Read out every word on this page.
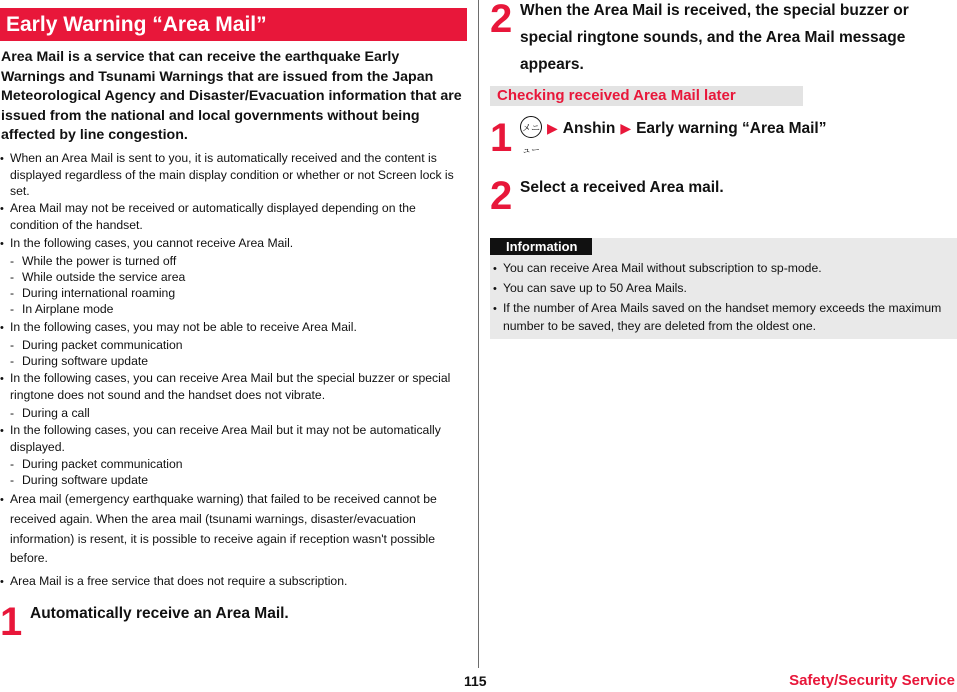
Early Warning “Area Mail”
Area Mail is a service that can receive the earthquake Early Warnings and Tsunami Warnings that are issued from the Japan Meteorological Agency and Disaster/Evacuation information that are issued from the national and local governments without being affected by line congestion.
• When an Area Mail is sent to you, it is automatically received and the content is displayed regardless of the main display condition or whether or not Screen lock is set.
• Area Mail may not be received or automatically displayed depending on the condition of the handset.
• In the following cases, you cannot receive Area Mail.
- While the power is turned off
- While outside the service area
- During international roaming
- In Airplane mode
• In the following cases, you may not be able to receive Area Mail.
- During packet communication
- During software update
• In the following cases, you can receive Area Mail but the special buzzer or special ringtone does not sound and the handset does not vibrate.
- During a call
• In the following cases, you can receive Area Mail but it may not be automatically displayed.
- During packet communication
- During software update
• Area mail (emergency earthquake warning) that failed to be received cannot be received again. When the area mail (tsunami warnings, disaster/evacuation information) is resent, it is possible to receive again if reception wasn't possible before.
• Area Mail is a free service that does not require a subscription.
1 Automatically receive an Area Mail.
2 When the Area Mail is received, the special buzzer or special ringtone sounds, and the Area Mail message appears.
Checking received Area Mail later
1 メニュー▶ Anshin ▶ Early warning “Area Mail”
2 Select a received Area mail.
Information
• You can receive Area Mail without subscription to sp-mode.
• You can save up to 50 Area Mails.
• If the number of Area Mails saved on the handset memory exceeds the maximum number to be saved, they are deleted from the oldest one.
115	Safety/Security Service
